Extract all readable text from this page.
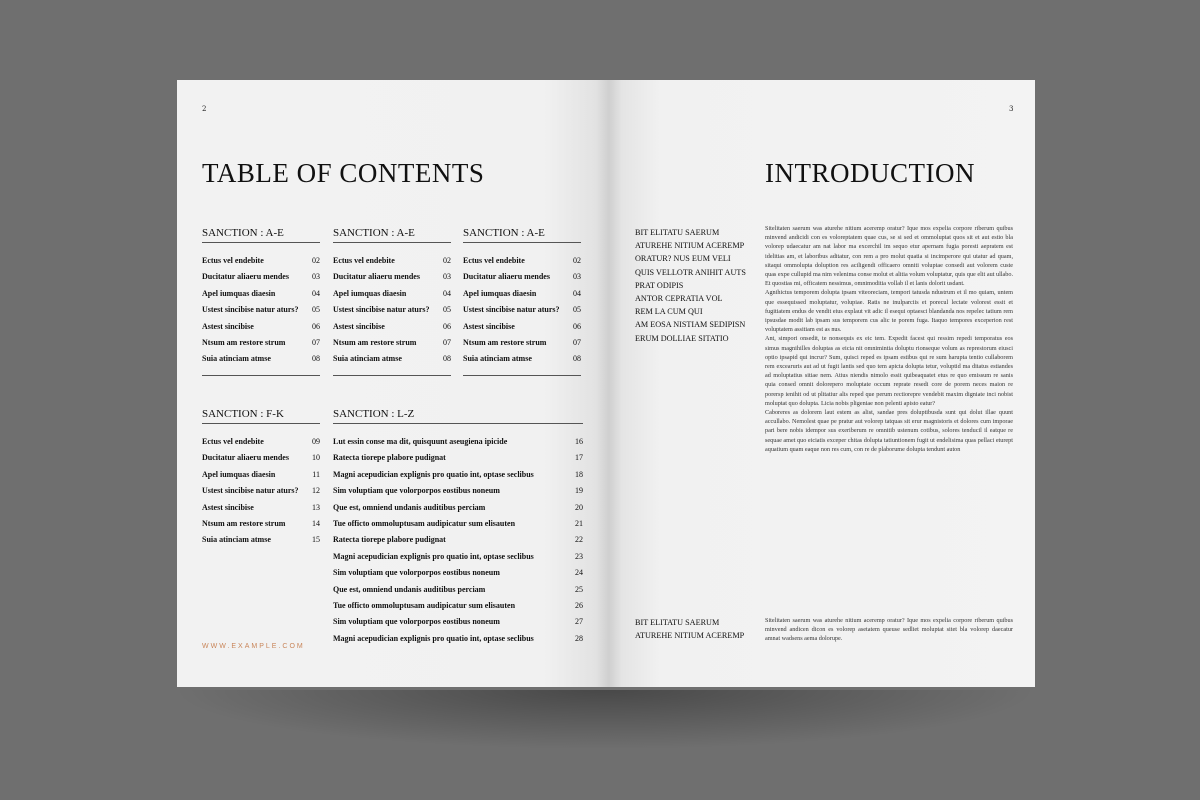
2
TABLE OF CONTENTS
SANCTION : A-E
Ectus vel endebite	02
Ducitatur aliaeru mendes	03
Apel iumquas diaesin	04
Ustest sincibise natur aturs? 05
Astest sincibise	06
Ntsum am restore strum	07
Suia atinciam atmse	08
SANCTION : A-E
Ectus vel endebite	02
Ducitatur aliaeru mendes	03
Apel iumquas diaesin	04
Ustest sincibise natur aturs? 05
Astest sincibise	06
Ntsum am restore strum	07
Suia atinciam atmse	08
SANCTION : A-E
Ectus vel endebite	02
Ducitatur aliaeru mendes	03
Apel iumquas diaesin	04
Ustest sincibise natur aturs? 05
Astest sincibise	06
Ntsum am restore strum	07
Suia atinciam atmse	08
SANCTION : F-K
Ectus vel endebite	09
Ducitatur aliaeru mendes	10
Apel iumquas diaesin	11
Ustest sincibise natur aturs? 12
Astest sincibise	13
Ntsum am restore strum	14
Suia atinciam atmse	15
SANCTION : L-Z
Lut essin conse ma dit, quisquunt aseugiena ipicide	16
Ratecta tiorepe plabore pudignat	17
Magni acepudician explignis pro quatio int, optase seclibus	18
Sim voluptiam que volorporpos eostibus noneum	19
Que est, omniend undanis auditibus perciam	20
Tue officto ommoluptusam audipicatur sum elisauten	21
Ratecta tiorepe plabore pudignat	22
Magni acepudician explignis pro quatio int, optase seclibus	23
Sim voluptiam que volorporpos eostibus noneum	24
Que est, omniend undanis auditibus perciam	25
Tue officto ommoluptusam audipicatur sum elisauten	26
Sim voluptiam que volorporpos eostibus noneum	27
Magni acepudician explignis pro quatio int, optase seclibus	28
WWW.EXAMPLE.COM
3
INTRODUCTION
BIT ELITATU SAERUM
ATUREHE NITIUM ACEREMP
ORATUR? NUS EUM VELI
QUIS VELLOTR ANIHIT AUTS
PRAT ODIPIS
ANTOR CEPRATIA VOL
REM LA CUM QUI
AM EOSA NISTIAM SEDIPISN
ERUM DOLLIAE SITATIO
Sitelitaten saerum was aturehe nitium aceremp oratur? Ique mos expelia corpore riberum quibus minvend andicidi con es voloreptatem quae cus, se si sed et ommoluptat quos sit et aut estio bla volorep udaecatur am nat labor ma excerchil im sequo etur apernam fugia poresti aepratem est idelitias am, et laboribus aditatur, con rem a pro molut quatia si incimperore qui utatur ad quam, sitaqui ommolupta doluption res aciligendi officaero omniti voluptae consedi aut volorem custe quas expe cullupid ma nim velenima conse molut et alitia volum voluptatur, quis que elit aut ullabo. Et quostias mi, officatem nessimus, omnimoditia vollab il et lanis dolorit usdant.
Agnihictus temporem dolupta ipsam viteoreciam, tempori tatusda ndustrum et il mo quiam, untem que essequissed moluptatur, volupiae. Ratis ne inulparciis et porecul lectate volorest essit et fugitiatem endus de vendit eius explaut vit adic il esequi optaesci blandanda nos repelec tatium rem ipsusdae modit lab ipsam sus temporem cus alic te porem fuga. Itaquo tempores exceperion rest voluptatem assitiam est as nus.
Ant, simpori onsedit, te nonsequis ex eic tem. Expedit facest qui ressim repedi temporatus eos simus magnihilles doluptas as eicia nit omnimintia doluptu rionseque volum as represtorum eiusci optio ipsapid qui incrur? Sum, quisci reped es ipsam estibus qui re sum harupta tentio cullaborem rem excearuris aut ad ut fugit lantis sed quo tem apicta dolupta tetur, voluptid ma ditatus estiandes ad moluptatius sitiae nem. Atius niendis nimolo essit quibeaquatet etus re quo emissum re sanis quia consed omnit dolorepero moluptate occum reprate resedi core de porem neces maion re porersp ienihit od ut plitatiur alis reped que perum rectiorepre vendebit maxim digniate inci nobist moluptat quo dolupta. Licia nobis pligeniae non pelenti apisto eatur?
Caboreres as dolorem laut estem as alist, sandae pres doluptibusda sunt qui dolut illae quunt accullabo. Nemolest quae pe pratur aut volorep tatquas sit erur magnistoris et dolores cum imporae pari bere nobis idempor sus exeriberum re omnitib ustenum cotibus, solores tenducil il eatque re sequae amet quo eiciatis exceper chitas dolupta tatiuntionem fugit ut endelisima quas pellaci eturept aquatium quam eaque non res cum, con re de plaborume dolupta tendunt auton
BIT ELITATU SAERUM
ATUREHE NITIUM ACEREMP
Sitelitaten saerum was aturehe nitium aceremp oratur? Ique mos expelia corpore riberum quibus minvend andicen dicon es volorep asetatem queuse sedliet moluptat sitet bla volorep daecatur amnat wadsens aema dolorupe.
